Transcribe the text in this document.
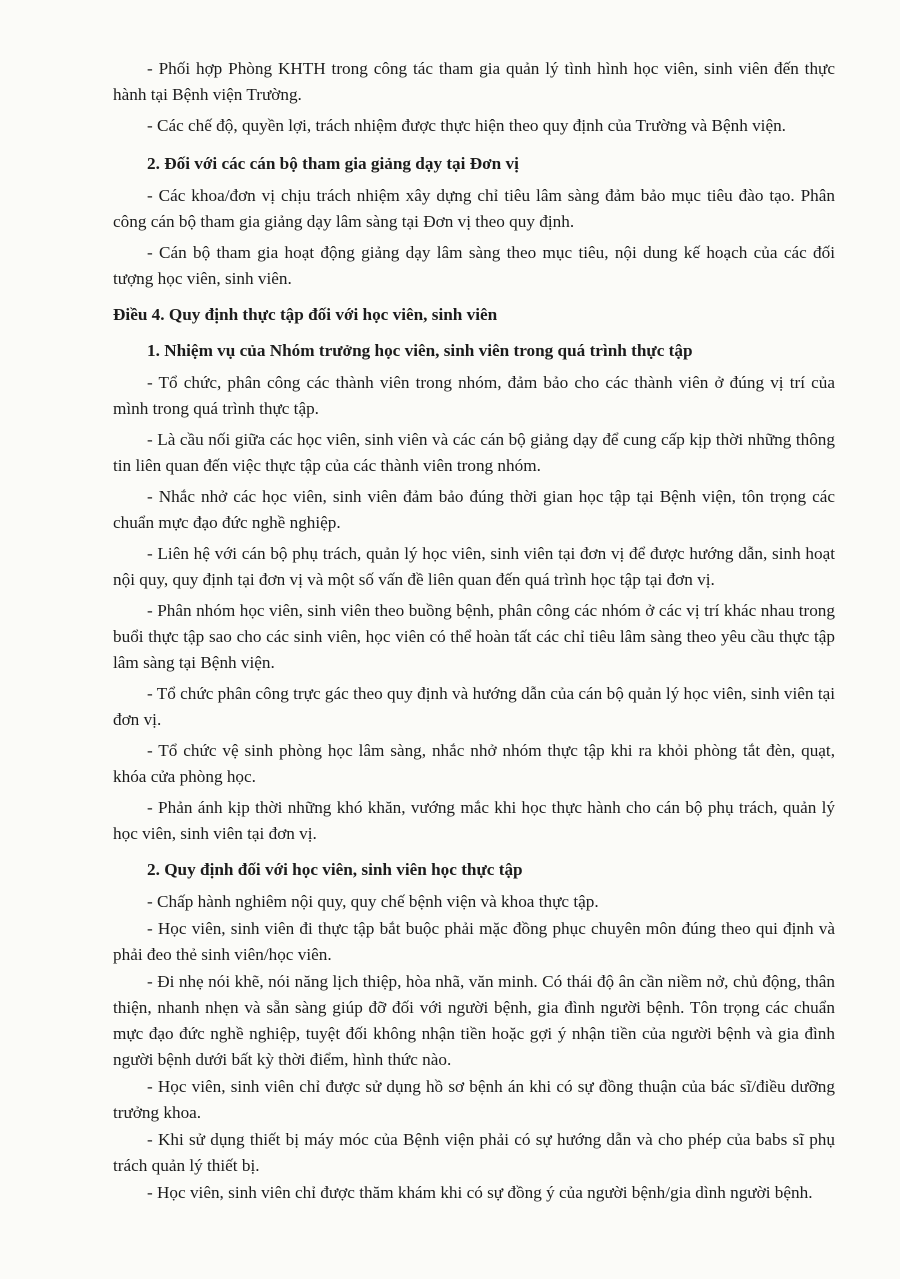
- Phối hợp Phòng KHTH trong công tác tham gia quản lý tình hình học viên, sinh viên đến thực hành tại Bệnh viện Trường.

- Các chế độ, quyền lợi, trách nhiệm được thực hiện theo quy định của Trường và Bệnh viện.

2. Đối với các cán bộ tham gia giảng dạy tại Đơn vị

- Các khoa/đơn vị chịu trách nhiệm xây dựng chỉ tiêu lâm sàng đảm bảo mục tiêu đào tạo. Phân công cán bộ tham gia giảng dạy lâm sàng tại Đơn vị theo quy định.

- Cán bộ tham gia hoạt động giảng dạy lâm sàng theo mục tiêu, nội dung kế hoạch của các đối tượng học viên, sinh viên.

Điều 4. Quy định thực tập đối với học viên, sinh viên

1. Nhiệm vụ của Nhóm trưởng học viên, sinh viên trong quá trình thực tập

- Tổ chức, phân công các thành viên trong nhóm, đảm bảo cho các thành viên ở đúng vị trí của mình trong quá trình thực tập.

- Là cầu nối giữa các học viên, sinh viên và các cán bộ giảng dạy để cung cấp kịp thời những thông tin liên quan đến việc thực tập của các thành viên trong nhóm.

- Nhắc nhở các học viên, sinh viên đảm bảo đúng thời gian học tập tại Bệnh viện, tôn trọng các chuẩn mực đạo đức nghề nghiệp.

- Liên hệ với cán bộ phụ trách, quản lý học viên, sinh viên tại đơn vị để được hướng dẫn, sinh hoạt nội quy, quy định tại đơn vị và một số vấn đề liên quan đến quá trình học tập tại đơn vị.

- Phân nhóm học viên, sinh viên theo buồng bệnh, phân công các nhóm ở các vị trí khác nhau trong buổi thực tập sao cho các sinh viên, học viên có thể hoàn tất các chỉ tiêu lâm sàng theo yêu cầu thực tập lâm sàng tại Bệnh viện.

- Tổ chức phân công trực gác theo quy định và hướng dẫn của cán bộ quản lý học viên, sinh viên tại đơn vị.

- Tổ chức vệ sinh phòng học lâm sàng, nhắc nhở nhóm thực tập khi ra khỏi phòng tắt đèn, quạt, khóa cửa phòng học.

- Phản ánh kịp thời những khó khăn, vướng mắc khi học thực hành cho cán bộ phụ trách, quản lý học viên, sinh viên tại đơn vị.

2. Quy định đối với học viên, sinh viên học thực tập

- Chấp hành nghiêm nội quy, quy chế bệnh viện và khoa thực tập.

- Học viên, sinh viên đi thực tập bắt buộc phải mặc đồng phục chuyên môn đúng theo qui định và phải đeo thẻ sinh viên/học viên.

- Đi nhẹ nói khẽ, nói năng lịch thiệp, hòa nhã, văn minh. Có thái độ ân cần niềm nở, chủ động, thân thiện, nhanh nhẹn và sẵn sàng giúp đỡ đối với người bệnh, gia đình người bệnh. Tôn trọng các chuẩn mực đạo đức nghề nghiệp, tuyệt đối không nhận tiền hoặc gợi ý nhận tiền của người bệnh và gia đình người bệnh dưới bất kỳ thời điểm, hình thức nào.

- Học viên, sinh viên chỉ được sử dụng hồ sơ bệnh án khi có sự đồng thuận của bác sĩ/điều dưỡng trưởng khoa.

- Khi sử dụng thiết bị máy móc của Bệnh viện phải có sự hướng dẫn và cho phép của babs sĩ phụ trách quản lý thiết bị.

- Học viên, sinh viên chỉ được thăm khám khi có sự đồng ý của người bệnh/gia dình người bệnh.
